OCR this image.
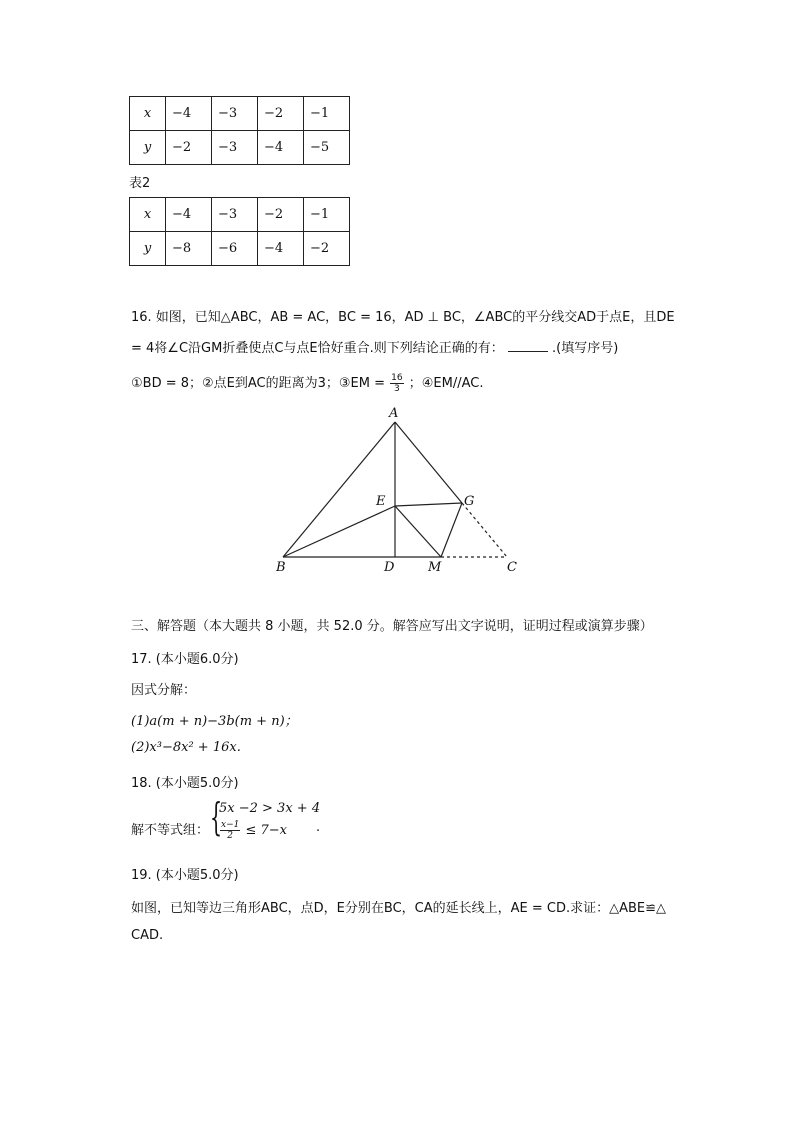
x	−4	−3	−2	−1
y	−2	−3	−4	−5
表2
x	−4	−3	−2	−1
y	−8	−6	−4	−2
16. 如图，已知△ABC，AB = AC，BC = 16，AD ⊥ BC，∠ABC的平分线交AD于点E，且DE
= 4将∠C沿GM折叠使点C与点E恰好重合.则下列结论正确的有：	.(填写序号)
①BD = 8；②点E到AC的距离为3；③EM = $\frac{16}{3}$ ；④EM//AC.
A
B	C
D
E	G
M
三、解答题（本大题共 8 小题，共 52.0 分。解答应写出文字说明，证明过程或演算步骤）
17. (本小题6.0分)
因式分解：
(1)a(m + n)−3b(m + n)；
(2)x³−8x² + 16x.
18. (本小题5.0分)
解不等式组： {
5x −2 > 3x + 4
$\frac{x-1}{2} \le 7-x$ .
19. (本小题5.0分)
如图，已知等边三角形ABC，点D，E分别在BC，CA的延长线上，AE = CD.求证：△ABE≌△
CAD.
